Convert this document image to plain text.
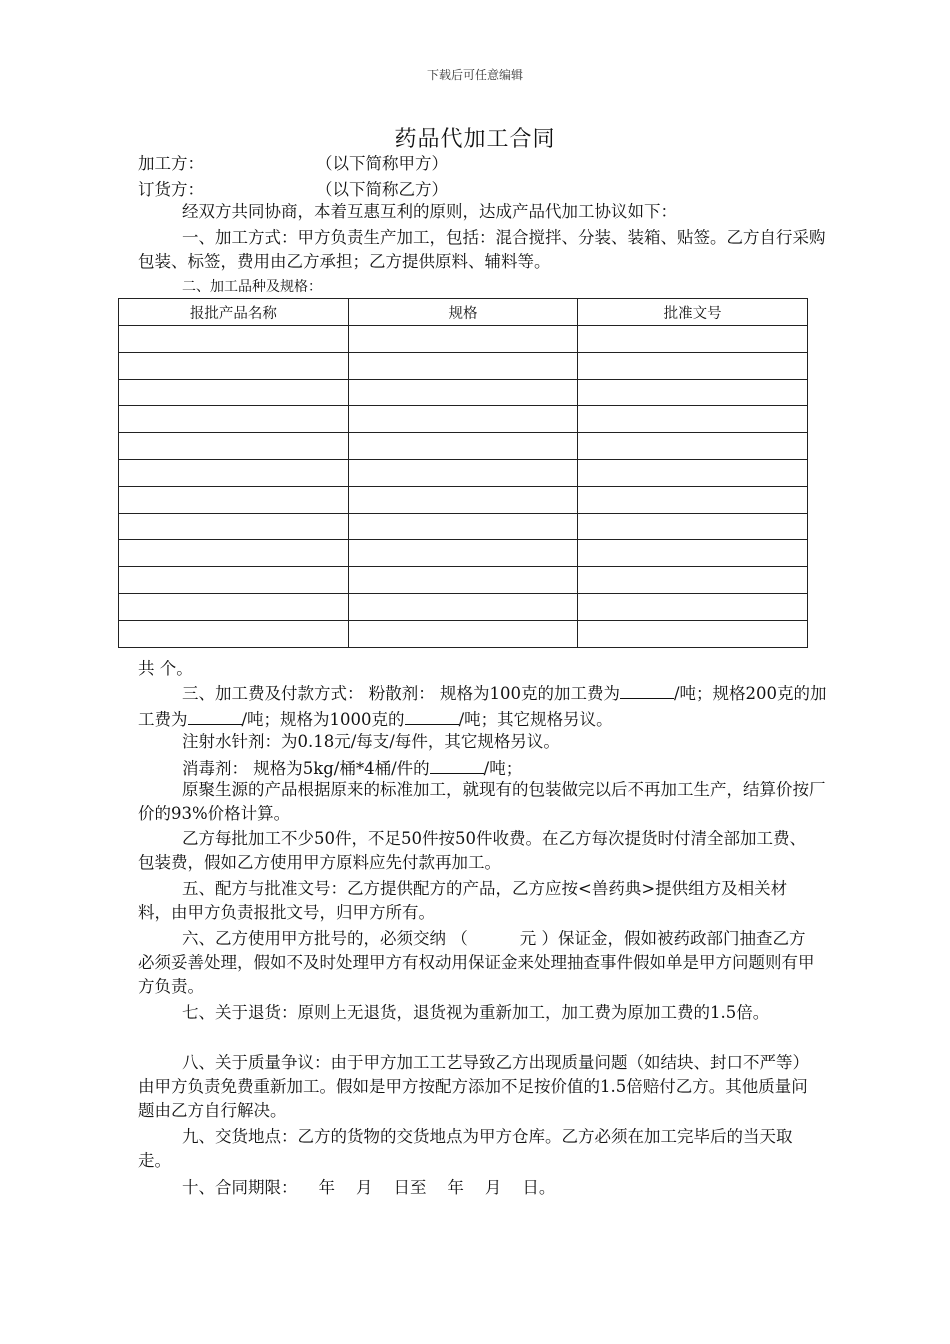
下载后可任意编辑
药品代加工合同
加工方：	（以下简称甲方）
订货方：	（以下简称乙方）
经双方共同协商，本着互惠互利的原则，达成产品代加工协议如下：
一、加工方式：甲方负责生产加工，包括：混合搅拌、分装、装箱、贴签。乙方自行采购包装、标签，费用由乙方承担；乙方提供原料、辅料等。
二、加工品种及规格：
报批产品名称	规格	批准文号

共 个。
三、加工费及付款方式： 粉散剂： 规格为100克的加工费为	/吨；规格200克的加工费为	/吨；规格为1000克的	/吨；其它规格另议。
注射水针剂：为0.18元/每支/每件，其它规格另议。
消毒剂： 规格为5kg/桶*4桶/件的	/吨；
原聚生源的产品根据原来的标准加工，就现有的包装做完以后不再加工生产，结算价按厂价的93%价格计算。
乙方每批加工不少50件，不足50件按50件收费。在乙方每次提货时付清全部加工费、包装费，假如乙方使用甲方原料应先付款再加工。
五、配方与批准文号：乙方提供配方的产品，乙方应按<兽药典>提供组方及相关材料，由甲方负责报批文号，归甲方所有。
六、乙方使用甲方批号的，必须交纳 （	元 ）保证金，假如被药政部门抽查乙方必须妥善处理，假如不及时处理甲方有权动用保证金来处理抽查事件假如单是甲方问题则有甲方负责。
七、关于退货：原则上无退货，退货视为重新加工，加工费为原加工费的1.5倍。
八、关于质量争议：由于甲方加工工艺导致乙方出现质量问题（如结块、封口不严等）由甲方负责免费重新加工。假如是甲方按配方添加不足按价值的1.5倍赔付乙方。其他质量问题由乙方自行解决。
九、交货地点：乙方的货物的交货地点为甲方仓库。乙方必须在加工完毕后的当天取走。
十、合同期限：    年    月    日至    年    月    日。
